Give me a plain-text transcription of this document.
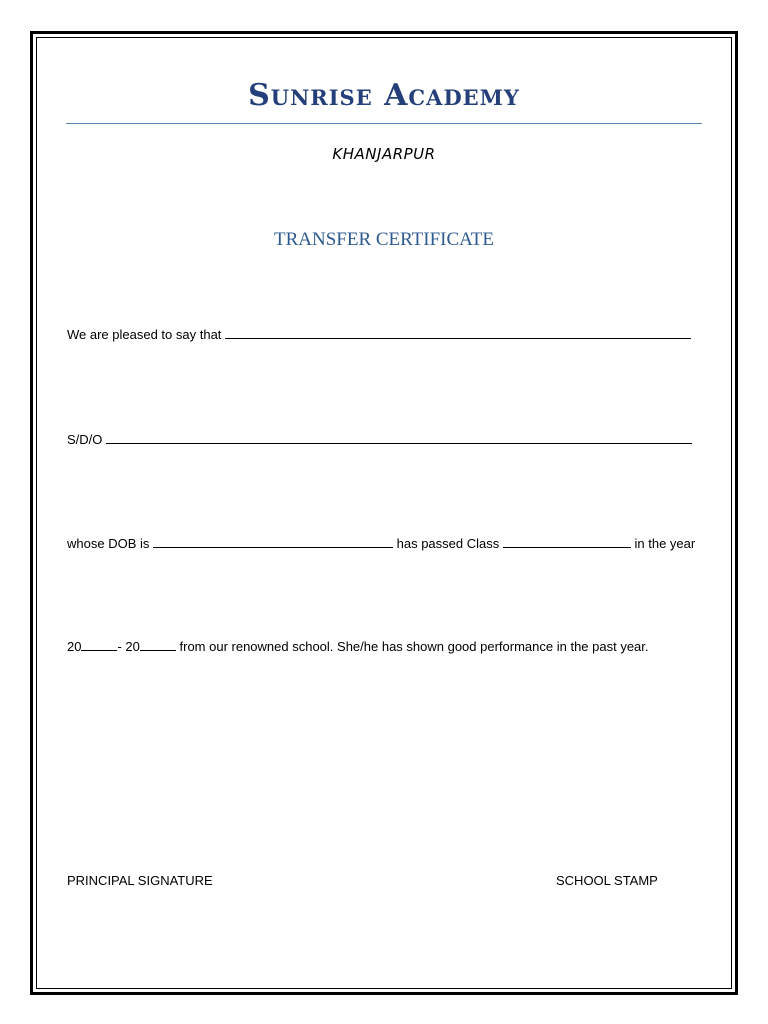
Sunrise Academy
KHANJARPUR
TRANSFER CERTIFICATE
We are pleased to say that
S/D/O
whose DOB is	has passed Class	in the year
20	- 20	from our renowned school. She/he has shown good performance in the past year.
PRINCIPAL SIGNATURE	SCHOOL STAMP
